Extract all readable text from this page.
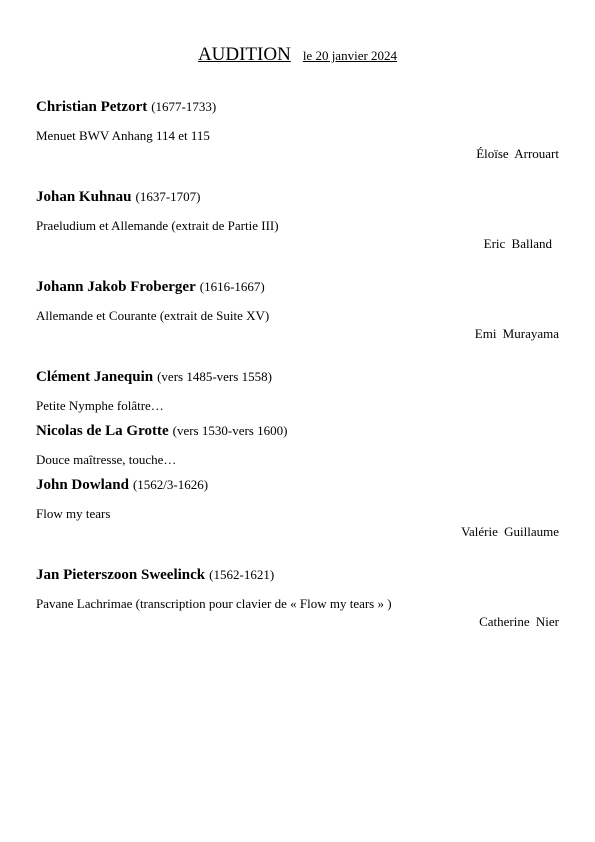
AUDITION le 20 janvier 2024
Christian Petzort (1677-1733)
Menuet BWV Anhang 114 et 115
Éloïse Arrouart
Johan Kuhnau (1637-1707)
Praeludium et Allemande (extrait de Partie III)
Eric Balland
Johann Jakob Froberger (1616-1667)
Allemande et Courante (extrait de Suite XV)
Emi Murayama
Clément Janequin (vers 1485-vers 1558)
Petite Nymphe folâtre…
Nicolas de La Grotte (vers 1530-vers 1600)
Douce maîtresse, touche…
John Dowland (1562/3-1626)
Flow my tears
Valérie Guillaume
Jan Pieterszoon Sweelinck (1562-1621)
Pavane Lachrimae (transcription pour clavier de « Flow my tears » )
Catherine Nier
